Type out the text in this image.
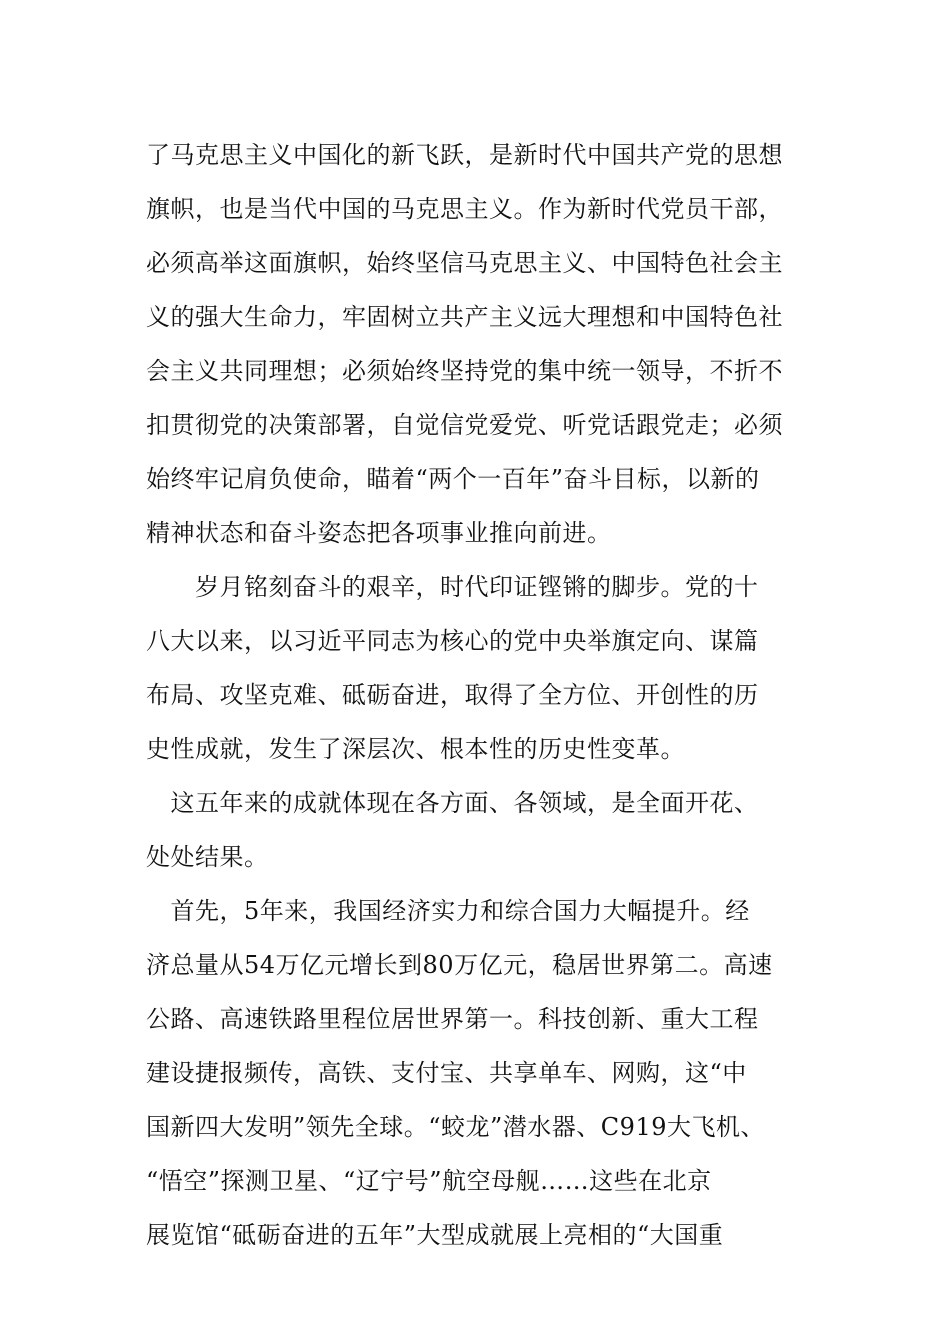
了马克思主义中国化的新飞跃，是新时代中国共产党的思想
旗帜，也是当代中国的马克思主义。作为新时代党员干部，
必须高举这面旗帜，始终坚信马克思主义、中国特色社会主
义的强大生命力，牢固树立共产主义远大理想和中国特色社
会主义共同理想；必须始终坚持党的集中统一领导，不折不
扣贯彻党的决策部署，自觉信党爱党、听党话跟党走；必须
始终牢记肩负使命，瞄着“两个一百年”奋斗目标，以新的
精神状态和奋斗姿态把各项事业推向前进。
　　岁月铭刻奋斗的艰辛，时代印证铿锵的脚步。党的十
八大以来，以习近平同志为核心的党中央举旗定向、谋篇
布局、攻坚克难、砥砺奋进，取得了全方位、开创性的历
史性成就，发生了深层次、根本性的历史性变革。
　这五年来的成就体现在各方面、各领域，是全面开花、
处处结果。
　首先，5年来，我国经济实力和综合国力大幅提升。经
济总量从54万亿元增长到80万亿元，稳居世界第二。高速
公路、高速铁路里程位居世界第一。科技创新、重大工程
建设捷报频传，高铁、支付宝、共享单车、网购，这“中
国新四大发明”领先全球。“蛟龙”潜水器、C919大飞机、
“悟空”探测卫星、“辽宁号”航空母舰……这些在北京
展览馆“砥砺奋进的五年”大型成就展上亮相的“大国重
